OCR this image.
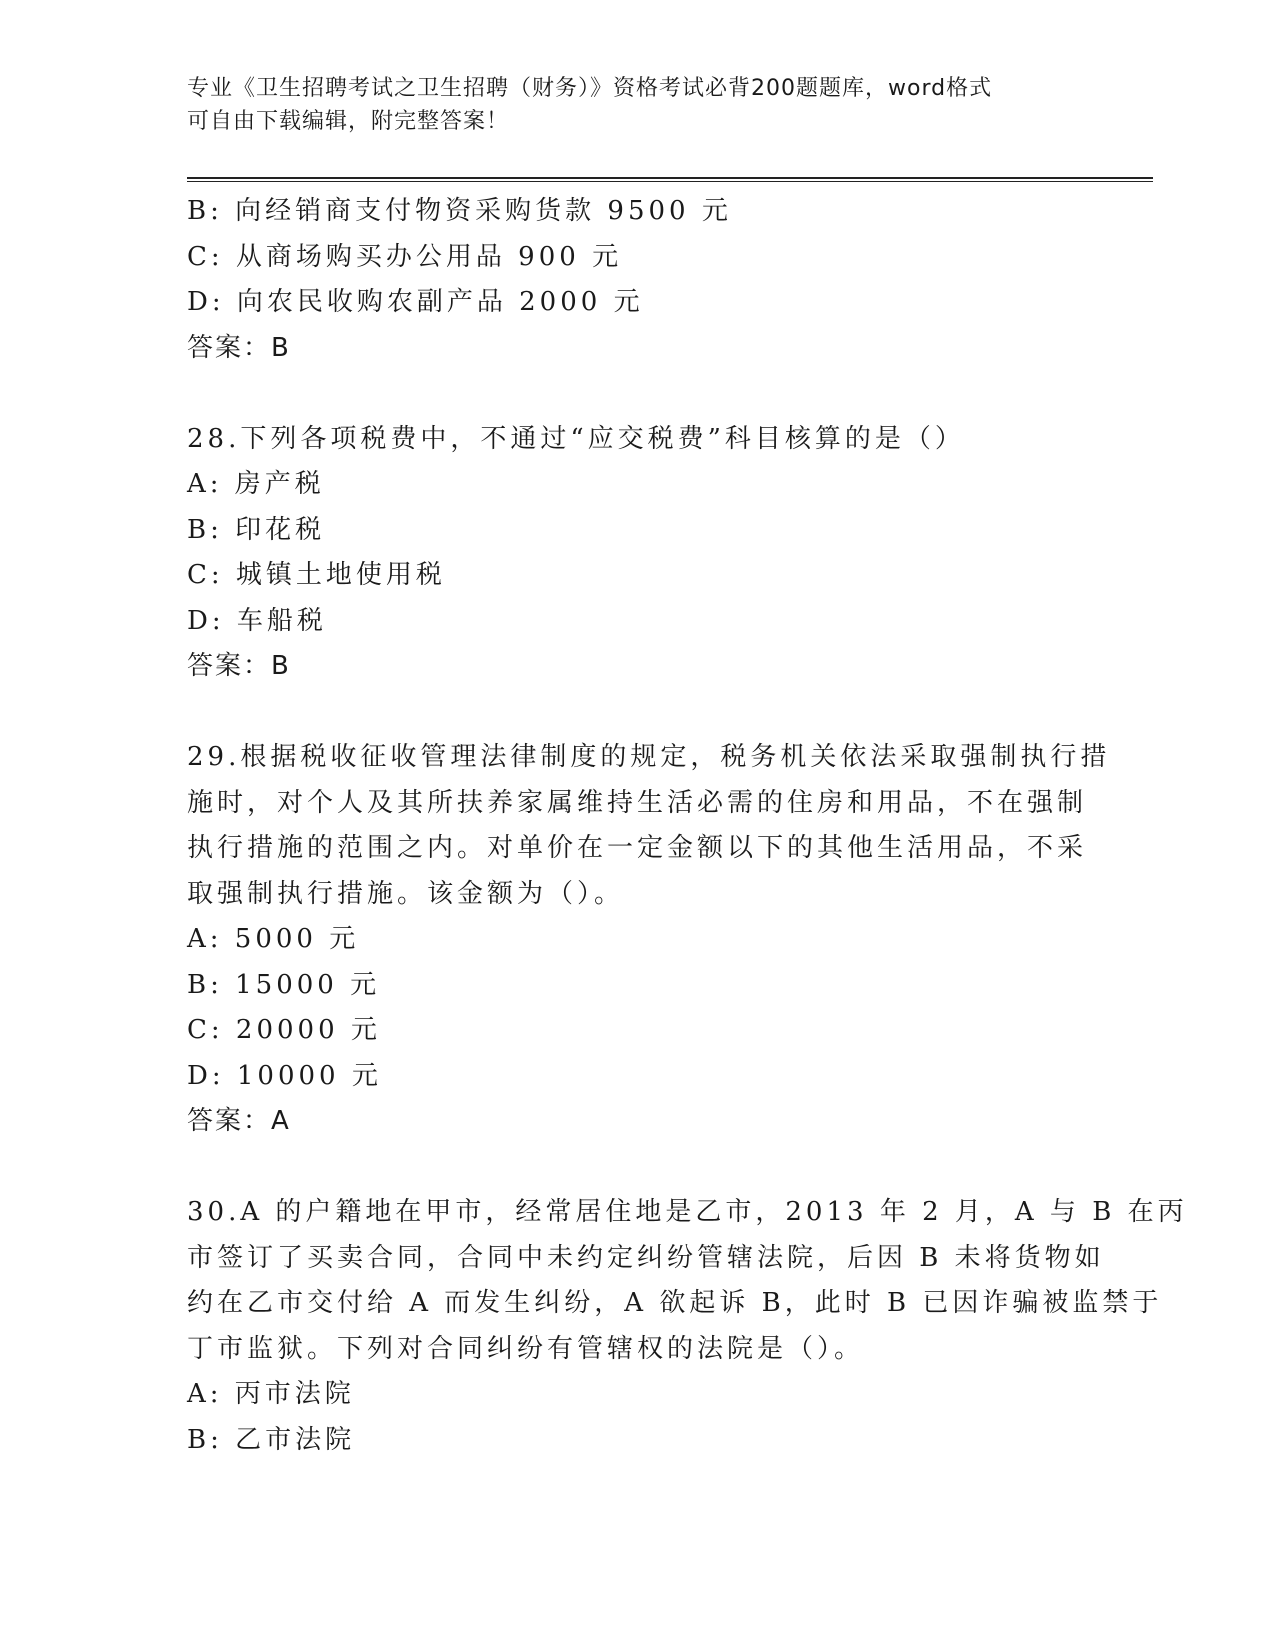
专业《卫生招聘考试之卫生招聘（财务）》资格考试必背200题题库，word格式
可自由下载编辑，附完整答案！
B: 向经销商支付物资采购货款 9500 元
C: 从商场购买办公用品 900 元
D: 向农民收购农副产品 2000 元
答案：B
28.下列各项税费中，不通过“应交税费”科目核算的是（）
A: 房产税
B: 印花税
C: 城镇土地使用税
D: 车船税
答案：B
29.根据税收征收管理法律制度的规定，税务机关依法采取强制执行措
施时，对个人及其所扶养家属维持生活必需的住房和用品，不在强制
执行措施的范围之内。对单价在一定金额以下的其他生活用品，不采
取强制执行措施。该金额为（）。
A: 5000 元
B: 15000 元
C: 20000 元
D: 10000 元
答案：A
30.A 的户籍地在甲市，经常居住地是乙市，2013 年 2 月，A 与 B 在丙
市签订了买卖合同，合同中未约定纠纷管辖法院，后因 B 未将货物如
约在乙市交付给 A 而发生纠纷，A 欲起诉 B，此时 B 已因诈骗被监禁于
丁市监狱。下列对合同纠纷有管辖权的法院是（）。
A: 丙市法院
B: 乙市法院
